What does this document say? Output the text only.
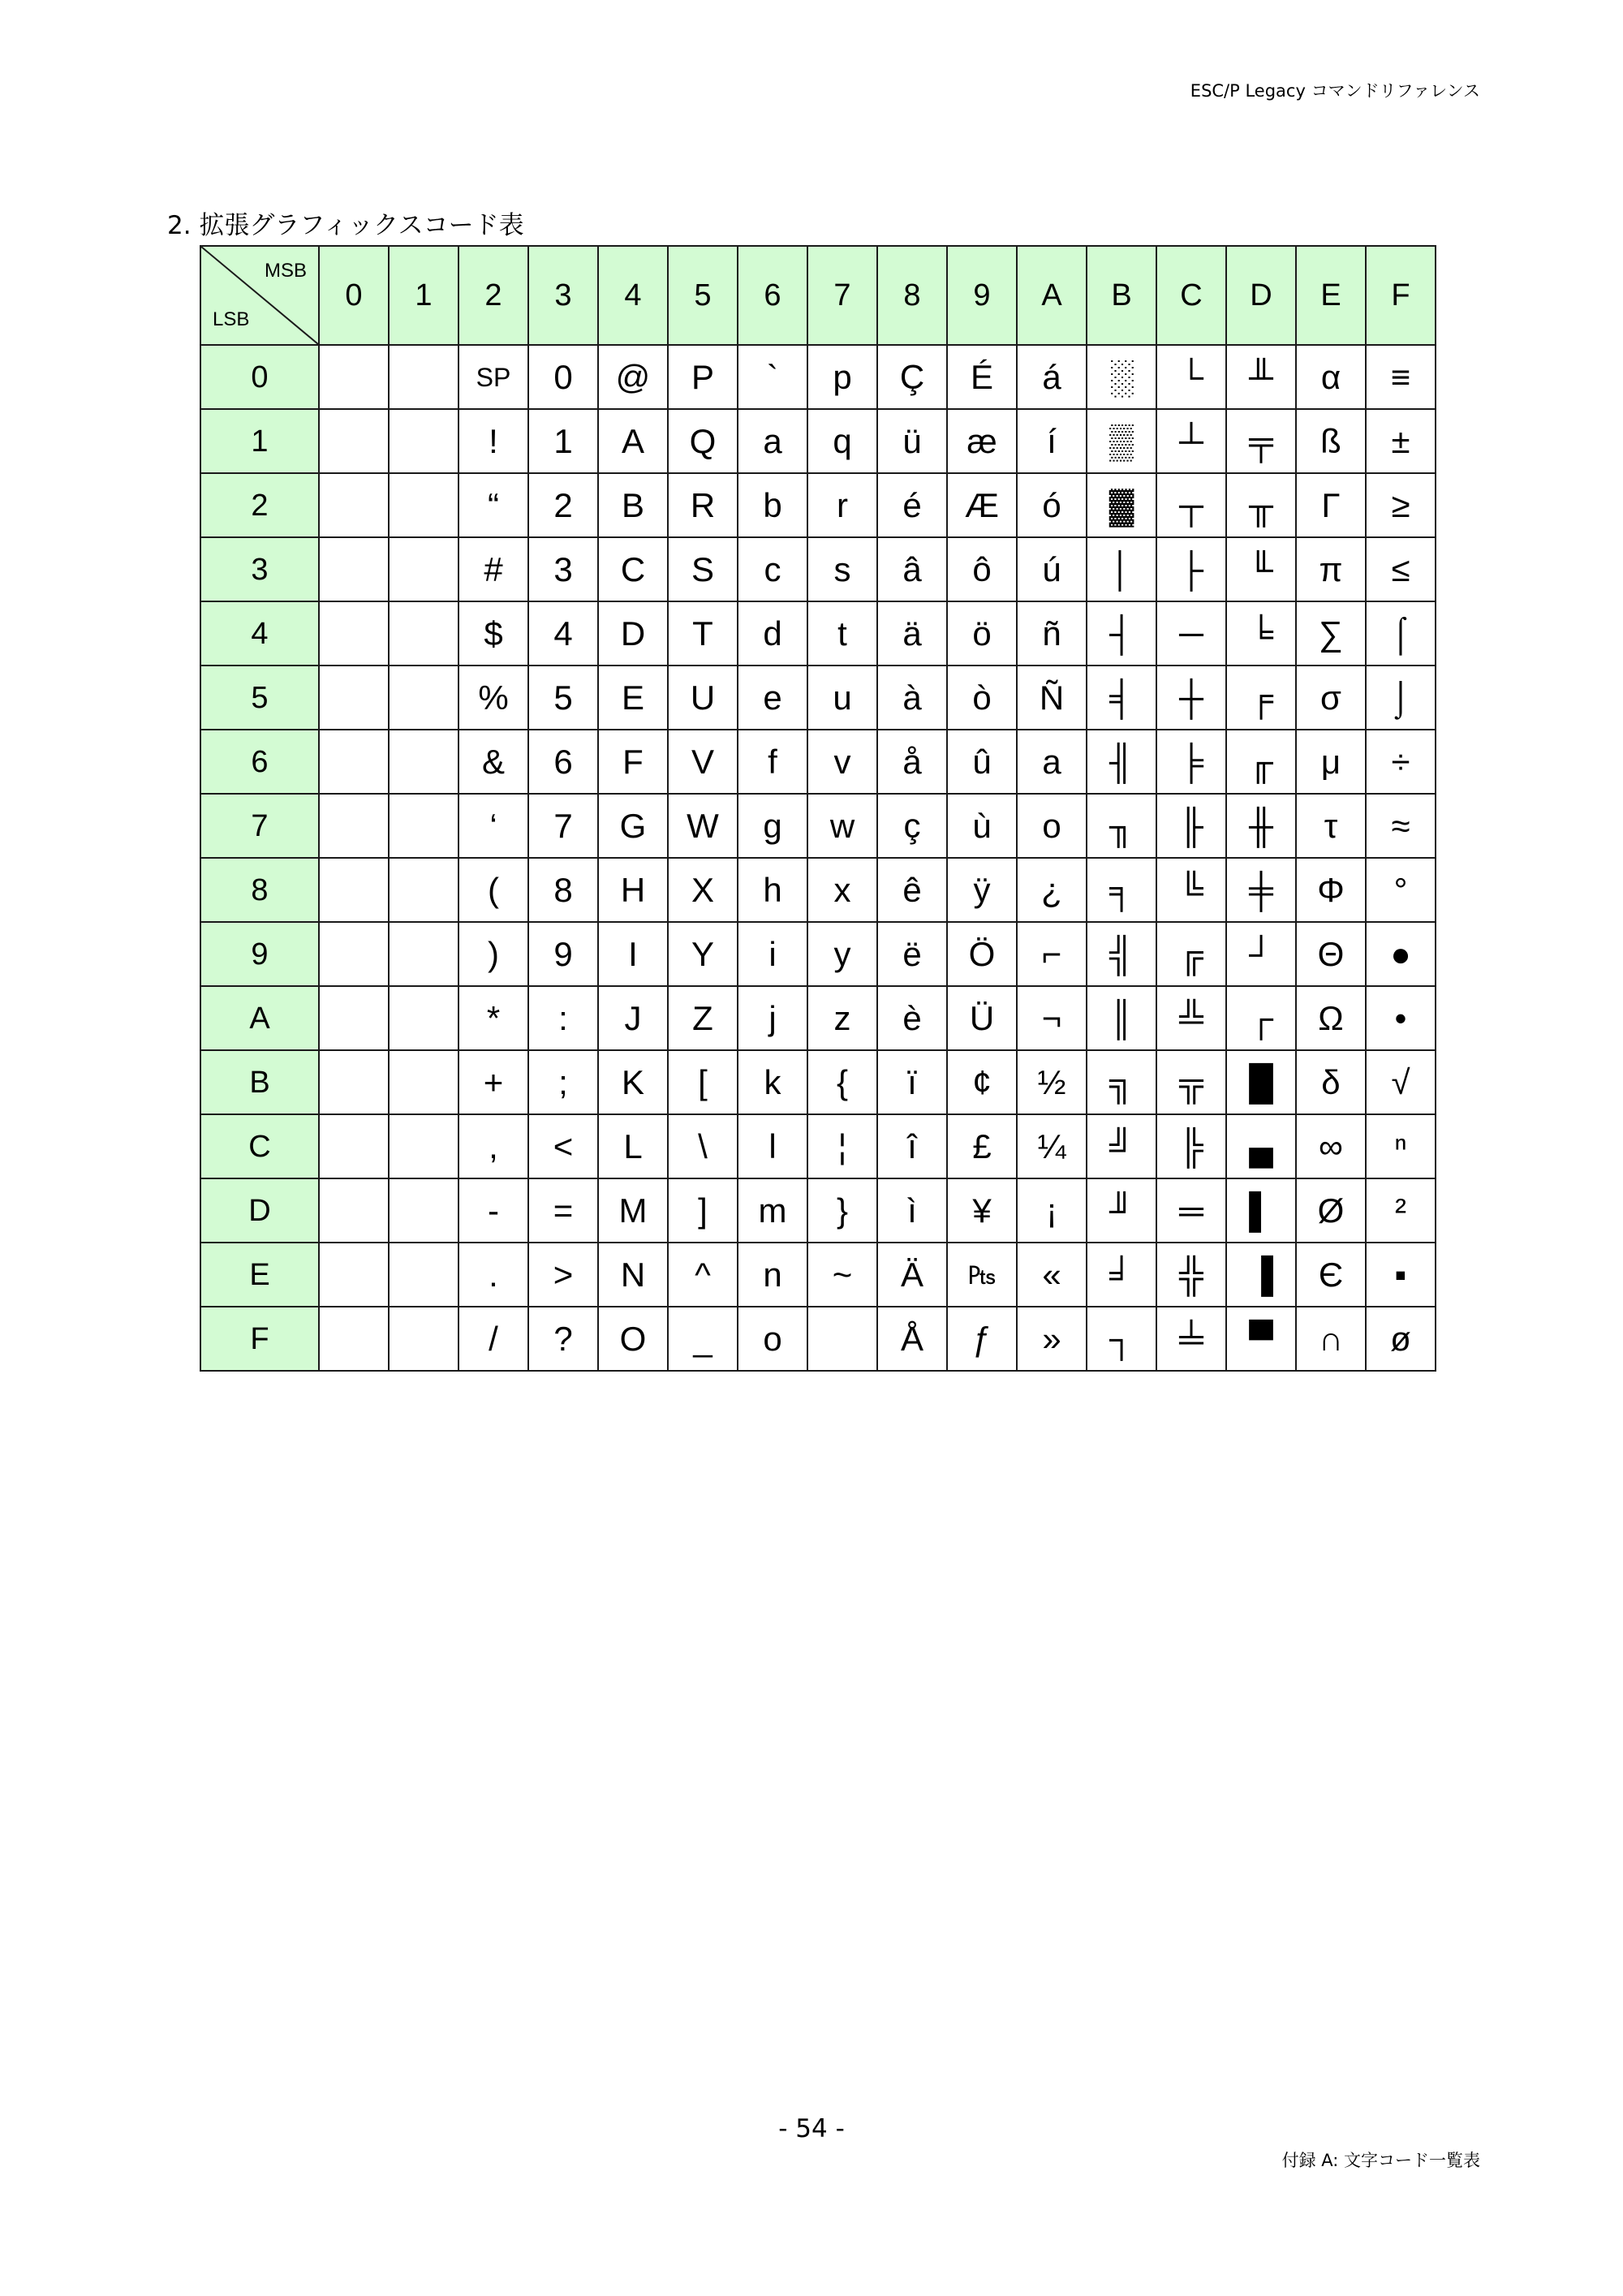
ESC/P Legacy コマンドリファレンス
2. 拡張グラフィックスコード表
MSB
LSB	0	1	2	3	4	5	6	7	8	9	A	B	C	D	E	F
0			SP	0	@	P	`	p	Ç	É	á	░	└	╨	α	≡
1			!	1	A	Q	a	q	ü	æ	í	▒	┴	╤	ß	±
2			“	2	B	R	b	r	é	Æ	ó	▓	┬	╥	Γ	≥
3			#	3	C	S	c	s	â	ô	ú	│	├	╙	π	≤
4			$	4	D	T	d	t	ä	ö	ñ	┤	─	╘	∑	⌠
5			%	5	E	U	e	u	à	ò	Ñ	╡	┼	╒	σ	⌡
6			&	6	F	V	f	v	å	û	a	╢	╞	╓	μ	÷
7			‘	7	G	W	g	w	ç	ù	o	╖	╟	╫	τ	≈
8			(	8	H	X	h	x	ê	ÿ	¿	╕	╚	╪	Φ	°
9			)	9	I	Y	i	y	ë	Ö	⌐	╣	╔	┘	Θ	●
A			*	:	J	Z	j	z	è	Ü	¬	║	╩	┌	Ω	•
B			+	;	K	[	k	{	ï	¢	½	╗	╦	█	δ	√
C			,	<	L	\	l	¦	î	£	¼	╝	╠	▄	∞	ⁿ
D			-	=	M	]	m	}	ì	¥	¡	╜	═	▌	Ø	²
E			.	>	N	^	n	~	Ä	₧	«	╛	╬	▐	Є	▪
F			/	?	O	_	o		Å	ƒ	»	┐	╧	▀	∩	ø
- 54 -
付録 A: 文字コード一覧表
